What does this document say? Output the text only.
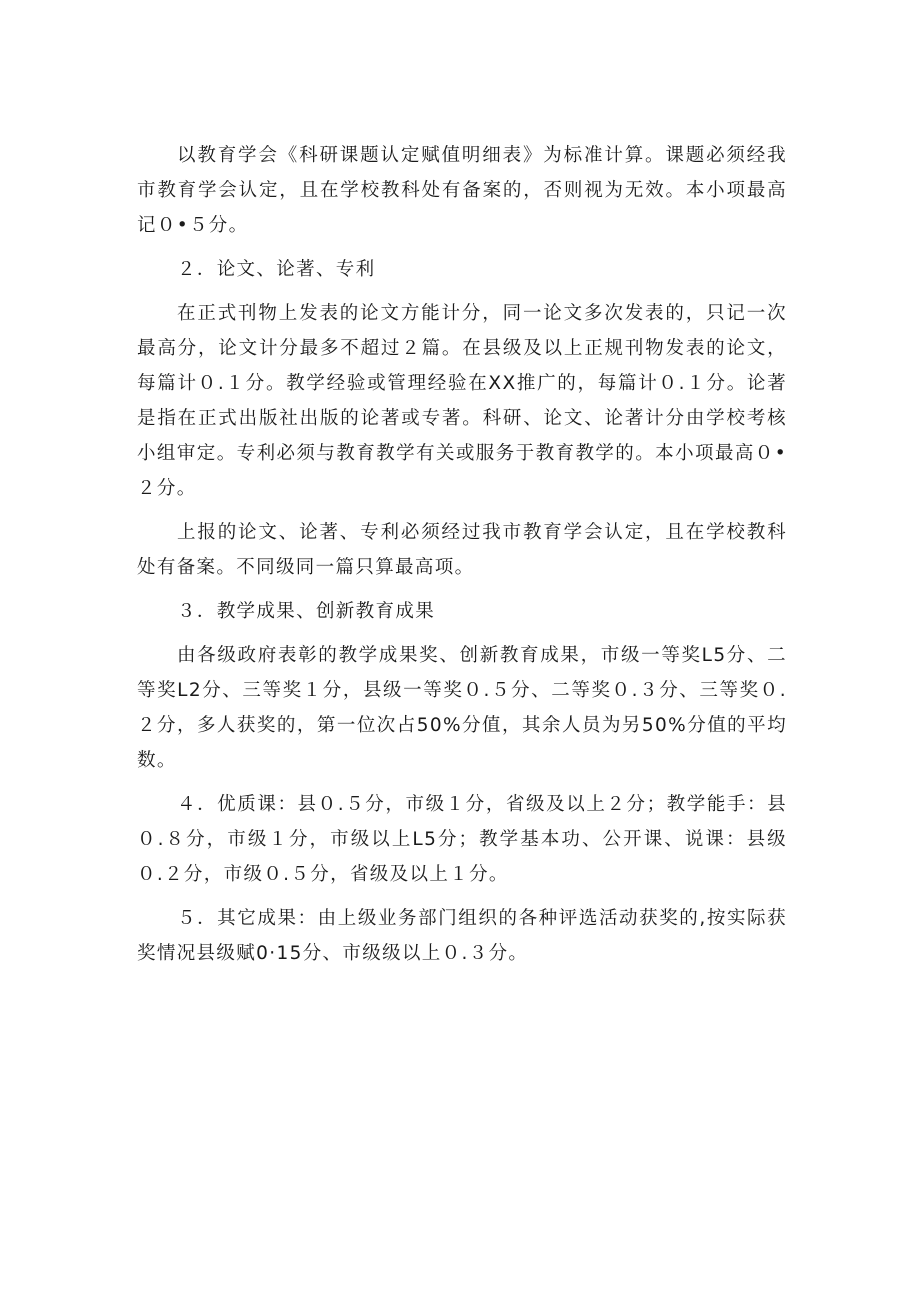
以教育学会《科研课题认定赋值明细表》为标准计算。课题必须经我市教育学会认定，且在学校教科处有备案的，否则视为无效。本小项最高记０•５分。

２．论文、论著、专利

在正式刊物上发表的论文方能计分，同一论文多次发表的，只记一次最高分，论文计分最多不超过２篇。在县级及以上正规刊物发表的论文，每篇计０.１分。教学经验或管理经验在XX推广的，每篇计０.１分。论著是指在正式出版社出版的论著或专著。科研、论文、论著计分由学校考核小组审定。专利必须与教育教学有关或服务于教育教学的。本小项最高０•２分。

上报的论文、论著、专利必须经过我市教育学会认定，且在学校教科处有备案。不同级同一篇只算最高项。

３．教学成果、创新教育成果

由各级政府表彰的教学成果奖、创新教育成果，市级一等奖L5分、二等奖L2分、三等奖１分，县级一等奖０.５分、二等奖０.３分、三等奖０.２分，多人获奖的，第一位次占50%分值，其余人员为另50%分值的平均数。

４．优质课：县０.５分，市级１分，省级及以上２分；教学能手：县０.８分，市级１分，市级以上L5分；教学基本功、公开课、说课：县级０.２分，市级０.５分，省级及以上１分。

５．其它成果：由上级业务部门组织的各种评选活动获奖的,按实际获奖情况县级赋0·15分、市级级以上０.３分。
